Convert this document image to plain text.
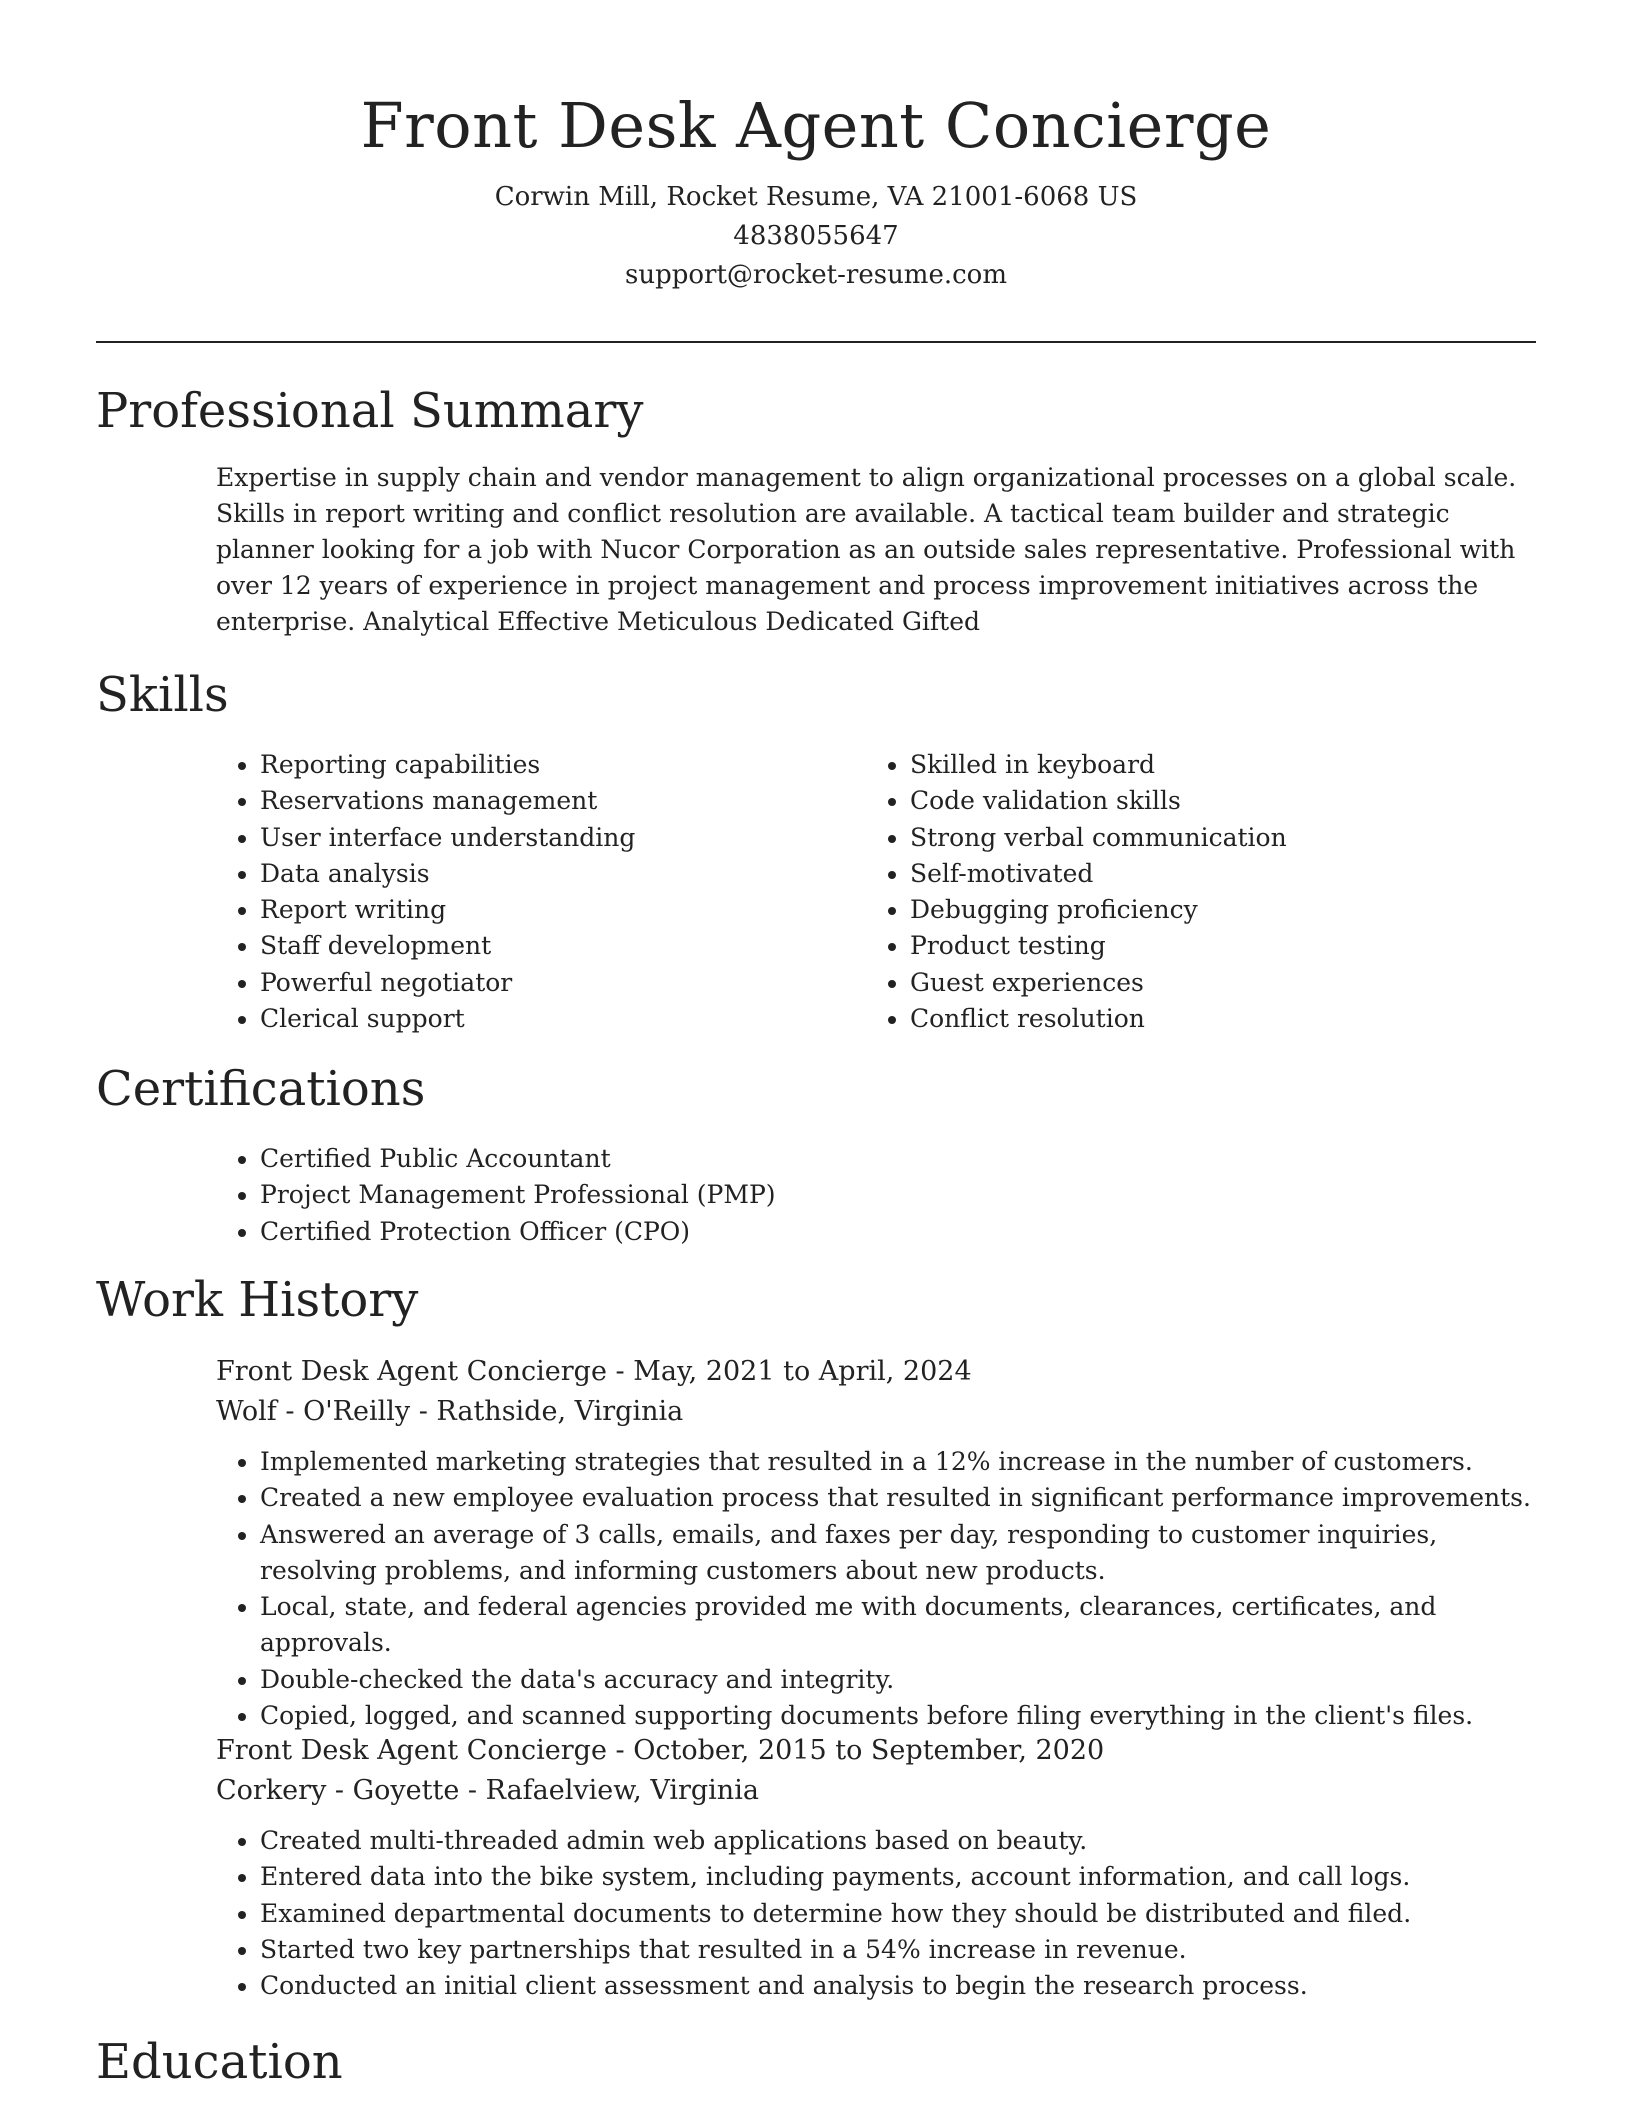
Front Desk Agent Concierge
Corwin Mill, Rocket Resume, VA 21001-6068 US
4838055647
support@rocket-resume.com
Professional Summary

Expertise in supply chain and vendor management to align organizational processes on a global scale. Skills in report writing and conflict resolution are available. A tactical team builder and strategic planner looking for a job with Nucor Corporation as an outside sales representative. Professional with over 12 years of experience in project management and process improvement initiatives across the enterprise. Analytical Effective Meticulous Dedicated Gifted

Skills
• Reporting capabilities
• Reservations management
• User interface understanding
• Data analysis
• Report writing
• Staff development
• Powerful negotiator
• Clerical support
• Skilled in keyboard
• Code validation skills
• Strong verbal communication
• Self-motivated
• Debugging proficiency
• Product testing
• Guest experiences
• Conflict resolution
Certifications
• Certified Public Accountant
• Project Management Professional (PMP)
• Certified Protection Officer (CPO)
Work History
Front Desk Agent Concierge - May, 2021 to April, 2024
Wolf - O'Reilly - Rathside, Virginia
• Implemented marketing strategies that resulted in a 12% increase in the number of customers.
• Created a new employee evaluation process that resulted in significant performance improvements.
• Answered an average of 3 calls, emails, and faxes per day, responding to customer inquiries, resolving problems, and informing customers about new products.
• Local, state, and federal agencies provided me with documents, clearances, certificates, and approvals.
• Double-checked the data's accuracy and integrity.
• Copied, logged, and scanned supporting documents before filing everything in the client's files.
Front Desk Agent Concierge - October, 2015 to September, 2020
Corkery - Goyette - Rafaelview, Virginia
• Created multi-threaded admin web applications based on beauty.
• Entered data into the bike system, including payments, account information, and call logs.
• Examined departmental documents to determine how they should be distributed and filed.
• Started two key partnerships that resulted in a 54% increase in revenue.
• Conducted an initial client assessment and analysis to begin the research process.
Education
